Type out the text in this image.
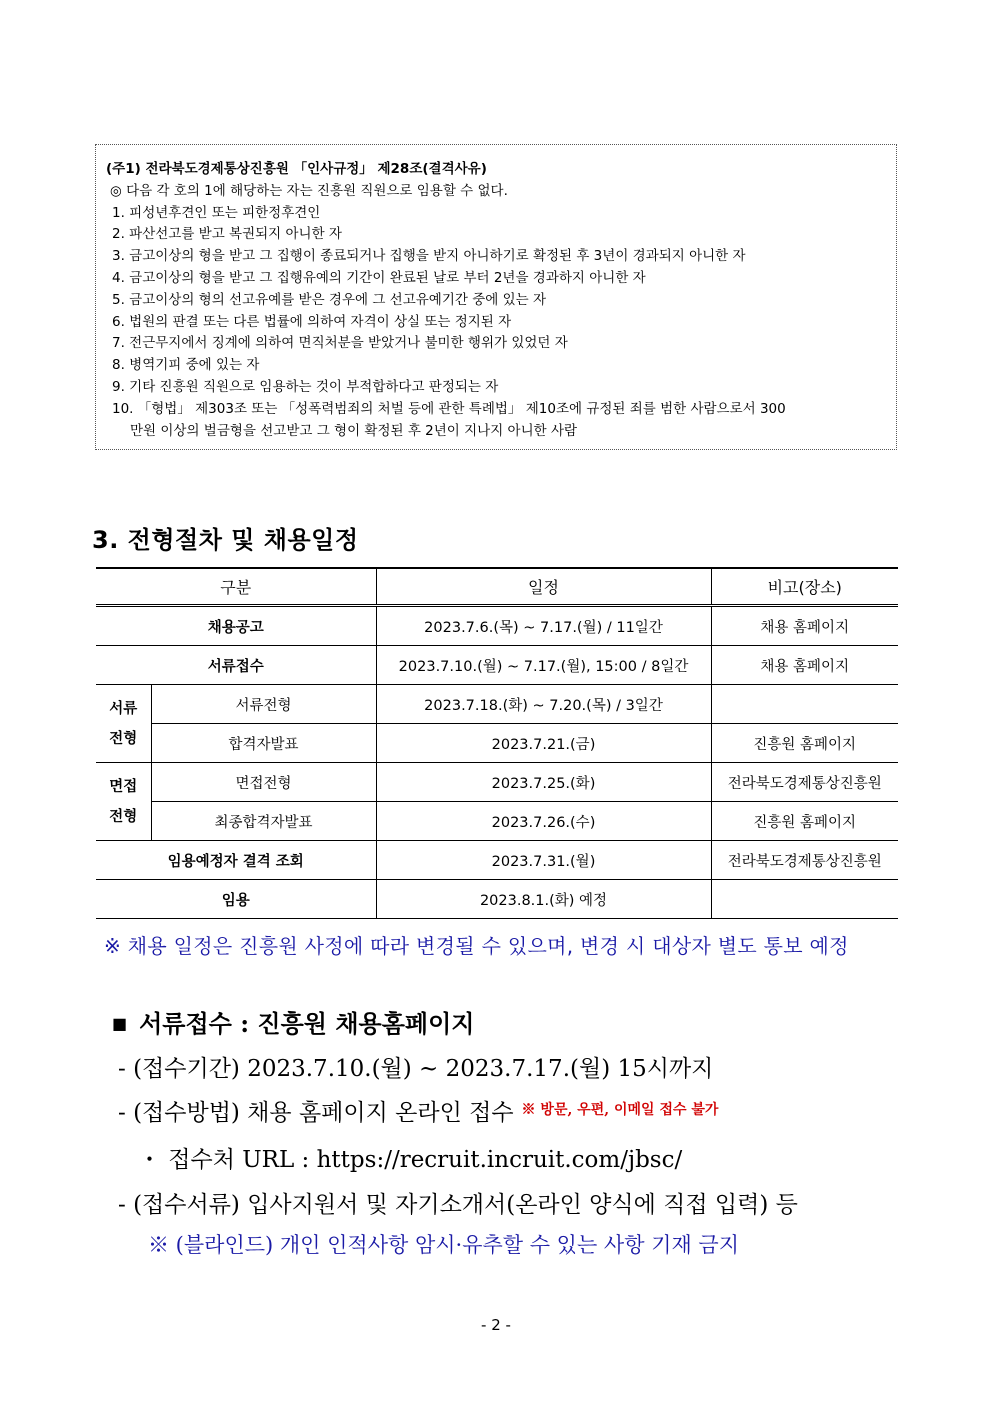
(주1) 전라북도경제통상진흥원 「인사규정」 제28조(결격사유)
◎ 다음 각 호의 1에 해당하는 자는 진흥원 직원으로 임용할 수 없다.
1. 피성년후견인 또는 피한정후견인
2. 파산선고를 받고 복권되지 아니한 자
3. 금고이상의 형을 받고 그 집행이 종료되거나 집행을 받지 아니하기로 확정된 후 3년이 경과되지 아니한 자
4. 금고이상의 형을 받고 그 집행유예의 기간이 완료된 날로 부터 2년을 경과하지 아니한 자
5. 금고이상의 형의 선고유예를 받은 경우에 그 선고유예기간 중에 있는 자
6. 법원의 판결 또는 다른 법률에 의하여 자격이 상실 또는 정지된 자
7. 전근무지에서 징계에 의하여 면직처분을 받았거나 불미한 행위가 있었던 자
8. 병역기피 중에 있는 자
9. 기타 진흥원 직원으로 임용하는 것이 부적합하다고 판정되는 자
10. 「형법」 제303조 또는 「성폭력범죄의 처벌 등에 관한 특례법」 제10조에 규정된 죄를 범한 사람으로서 300
만원 이상의 벌금형을 선고받고 그 형이 확정된 후 2년이 지나지 아니한 사람
3. 전형절차 및 채용일정
구분		일정	비고(장소)
채용공고		2023.7.6.(목) ~ 7.17.(월) / 11일간	채용 홈페이지
서류접수		2023.7.10.(월) ~ 7.17.(월), 15:00 / 8일간	채용 홈페이지
서류
전형	서류전형	2023.7.18.(화) ~ 7.20.(목) / 3일간	
	합격자발표	2023.7.21.(금)	진흥원 홈페이지
면접
전형	면접전형	2023.7.25.(화)	전라북도경제통상진흥원
	최종합격자발표	2023.7.26.(수)	진흥원 홈페이지
임용예정자 결격 조회		2023.7.31.(월)	전라북도경제통상진흥원
임용		2023.8.1.(화) 예정	
※ 채용 일정은 진흥원 사정에 따라 변경될 수 있으며, 변경 시 대상자 별도 통보 예정
■ 서류접수 : 진흥원 채용홈페이지
- (접수기간) 2023.7.10.(월) ~ 2023.7.17.(월) 15시까지
- (접수방법) 채용 홈페이지 온라인 접수 $^{※ 방문, 우편, 이메일 접수 불가}$
・ 접수처 URL : https://recruit.incruit.com/jbsc/
- (접수서류) 입사지원서 및 자기소개서(온라인 양식에 직접 입력) 등
※ (블라인드) 개인 인적사항 암시·유추할 수 있는 사항 기재 금지
- 2 -
